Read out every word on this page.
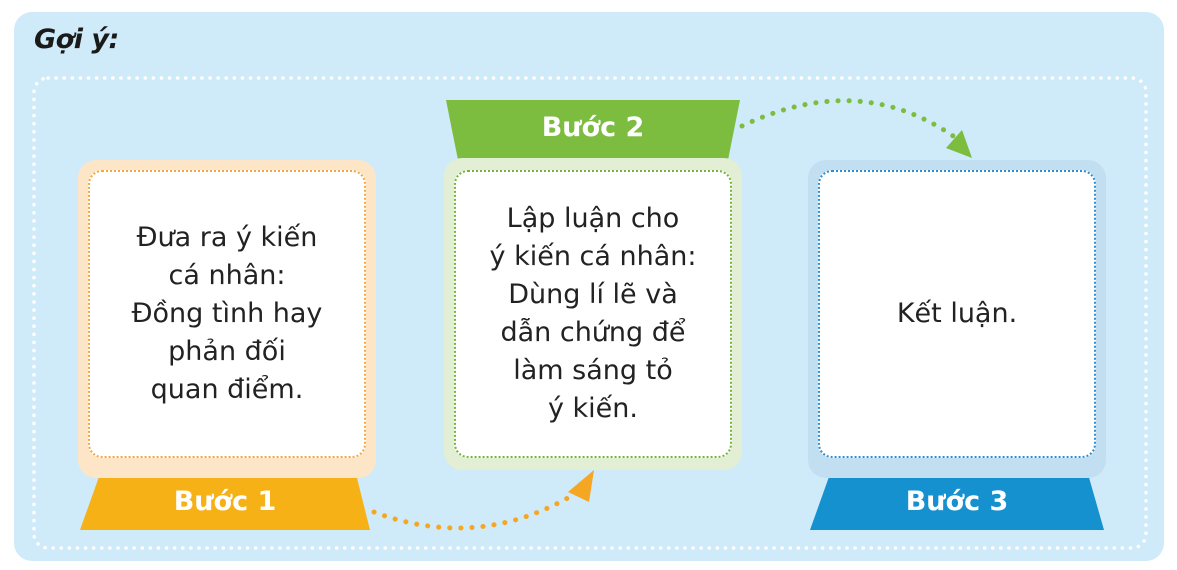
Gợi ý:
Đưa ra ý kiến
cá nhân:
Đồng tình hay
phản đối
quan điểm.
Bước 1
Lập luận cho
ý kiến cá nhân:
Dùng lí lẽ và
dẫn chứng để
làm sáng tỏ
ý kiến.
Bước 2
Kết luận.
Bước 3
